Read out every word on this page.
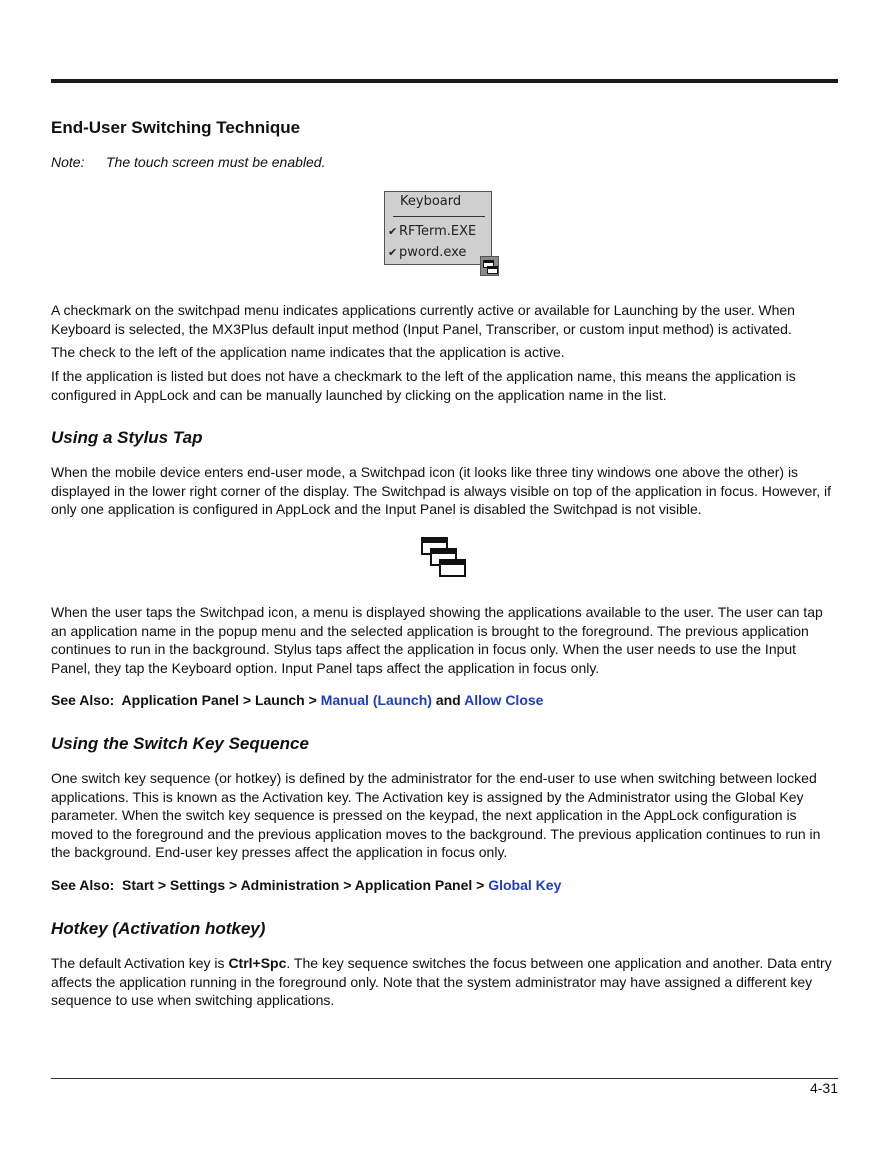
End-User Switching Technique
Note: The touch screen must be enabled.
Keyboard
✔ RFTerm.EXE
✔ pword.exe

A checkmark on the switchpad menu indicates applications currently active or available for Launching by the user. When Keyboard is selected, the MX3Plus default input method (Input Panel, Transcriber, or custom input method) is activated.

The check to the left of the application name indicates that the application is active.

If the application is listed but does not have a checkmark to the left of the application name, this means the application is configured in AppLock and can be manually launched by clicking on the application name in the list.

Using a Stylus Tap

When the mobile device enters end-user mode, a Switchpad icon (it looks like three tiny windows one above the other) is displayed in the lower right corner of the display. The Switchpad is always visible on top of the application in focus. However, if only one application is configured in AppLock and the Input Panel is disabled the Switchpad is not visible.

When the user taps the Switchpad icon, a menu is displayed showing the applications available to the user. The user can tap an application name in the popup menu and the selected application is brought to the foreground. The previous application continues to run in the background. Stylus taps affect the application in focus only. When the user needs to use the Input Panel, they tap the Keyboard option. Input Panel taps affect the application in focus only.

See Also:  Application Panel > Launch > Manual (Launch) and Allow Close
Using the Switch Key Sequence

One switch key sequence (or hotkey) is defined by the administrator for the end-user to use when switching between locked applications. This is known as the Activation key. The Activation key is assigned by the Administrator using the Global Key parameter. When the switch key sequence is pressed on the keypad, the next application in the AppLock configuration is moved to the foreground and the previous application moves to the background. The previous application continues to run in the background. End-user key presses affect the application in focus only.

See Also:  Start > Settings > Administration > Application Panel > Global Key
Hotkey (Activation hotkey)

The default Activation key is Ctrl+Spc. The key sequence switches the focus between one application and another. Data entry affects the application running in the foreground only. Note that the system administrator may have assigned a different key sequence to use when switching applications.

4-31
